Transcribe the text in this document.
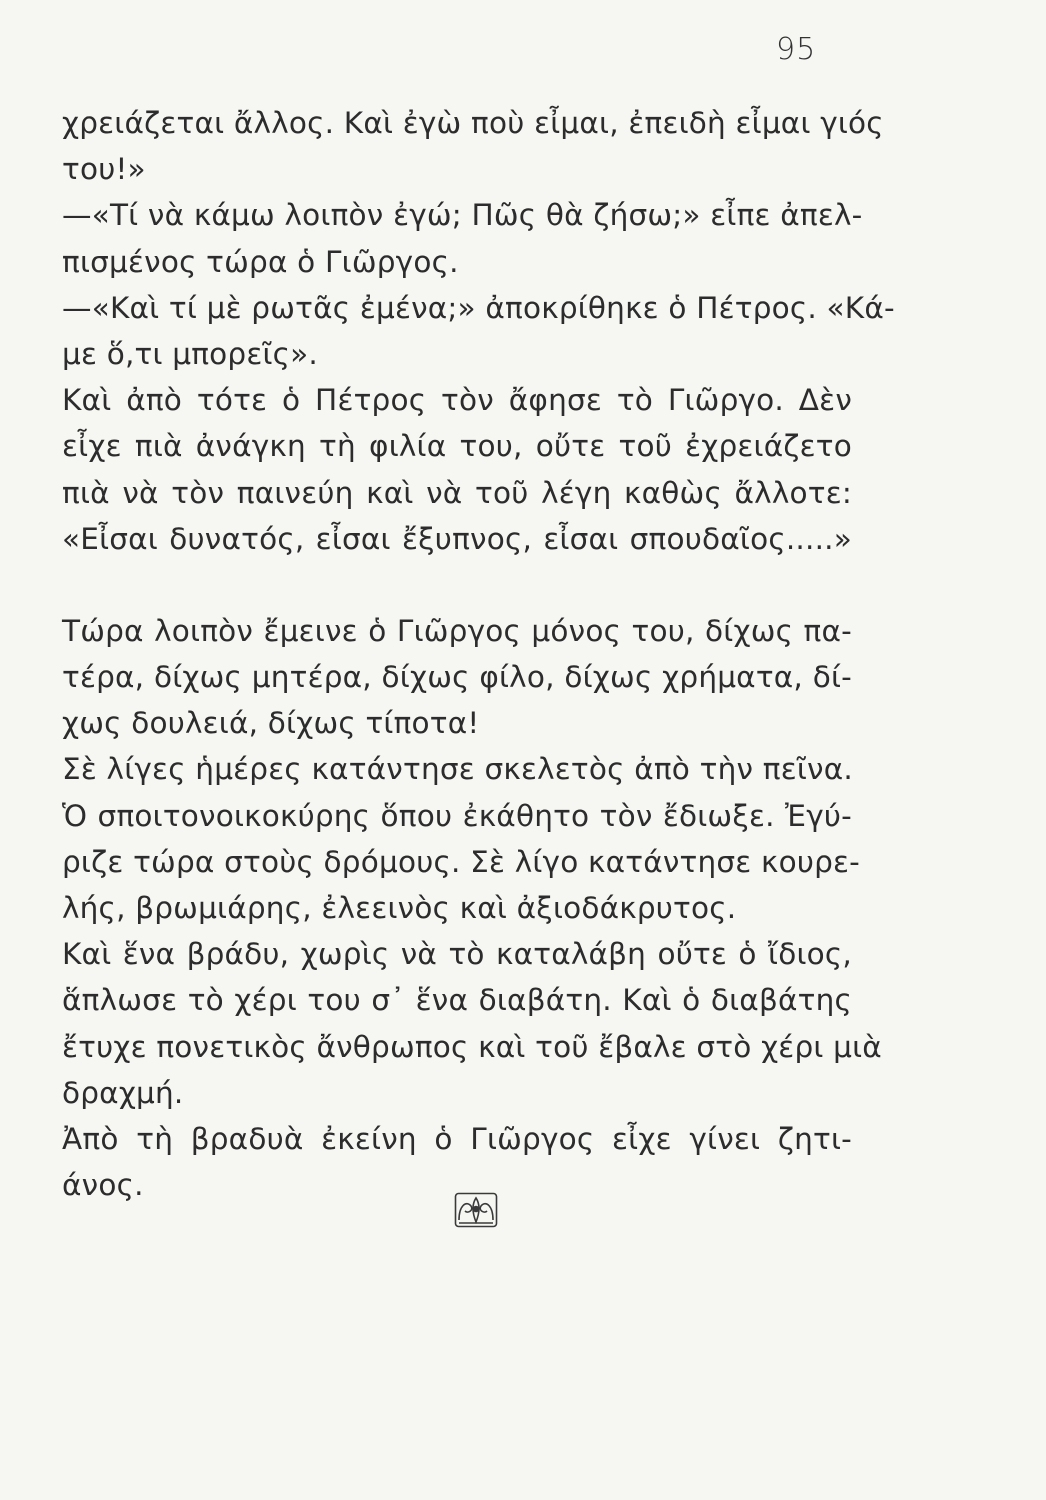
95
χρειάζεται ἄλλος. Καὶ ἐγὼ ποὺ εἶμαι, ἐπειδὴ εἶμαι γιός
του!»
—«Τί νὰ κάμω λοιπὸν ἐγώ; Πῶς θὰ ζήσω;» εἶπε ἀπελ-
πισμένος τώρα ὁ Γιῶργος.
—«Καὶ τί μὲ ρωτᾶς ἐμένα;» ἀποκρίθηκε ὁ Πέτρος. «Κά-
με ὅ,τι μπορεῖς».
Καὶ ἀπὸ τότε ὁ Πέτρος τὸν ἄφησε τὸ Γιῶργο. Δὲν
εἶχε πιὰ ἀνάγκη τὴ φιλία του, οὔτε τοῦ ἐχρειάζετο
πιὰ νὰ τὸν παινεύη καὶ νὰ τοῦ λέγη καθὼς ἄλλοτε:
«Εἶσαι δυνατός, εἶσαι ἔξυπνος, εἶσαι σπουδαῖος.....»
Τώρα λοιπὸν ἔμεινε ὁ Γιῶργος μόνος του, δίχως πα-
τέρα, δίχως μητέρα, δίχως φίλο, δίχως χρήματα, δί-
χως δουλειά, δίχως τίποτα!
Σὲ λίγες ἡμέρες κατάντησε σκελετὸς ἀπὸ τὴν πεῖνα.
Ὁ σποιτονοικοκύρης ὅπου ἐκάθητο τὸν ἔδιωξε. Ἐγύ-
ριζε τώρα στοὺς δρόμους. Σὲ λίγο κατάντησε κουρε-
λής, βρωμιάρης, ἐλεεινὸς καὶ ἀξιοδάκρυτος.
Καὶ ἕνα βράδυ, χωρὶς νὰ τὸ καταλάβη οὔτε ὁ ἴδιος,
ἅπλωσε τὸ χέρι του σ᾽ ἕνα διαβάτη. Καὶ ὁ διαβάτης
ἔτυχε πονετικὸς ἄνθρωπος καὶ τοῦ ἔβαλε στὸ χέρι μιὰ
δραχμή.
Ἀπὸ τὴ βραδυὰ ἐκείνη ὁ Γιῶργος εἶχε γίνει ζητι-
άνος.
